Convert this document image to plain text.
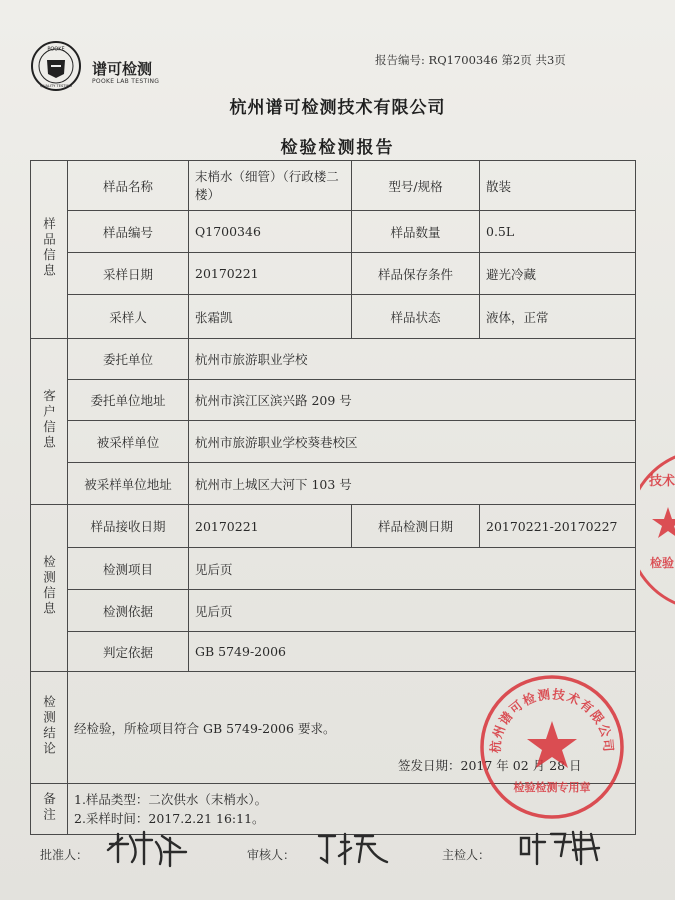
POOKE
QUALITY TESTING
谱可检测
POOKE LAB TESTING
报告编号: RQ1700346 第2页 共3页
杭州谱可检测技术有限公司
检验检测报告
样品信息	样品名称	末梢水（细管）（行政楼二楼）	型号/规格	散装
	样品编号	Q1700346	样品数量	0.5L
	采样日期	20170221	样品保存条件	避光冷藏
	采样人	张霜凯	样品状态	液体，正常
客户信息	委托单位	杭州市旅游职业学校		
	委托单位地址	杭州市滨江区滨兴路 209 号		
	被采样单位	杭州市旅游职业学校葵巷校区		
	被采样单位地址	杭州市上城区大河下 103 号		
检测信息	样品接收日期	20170221	样品检测日期	20170221-20170227
	检测项目	见后页		
	检测依据	见后页		
	判定依据	GB 5749-2006		
检测结论	经检验，所检项目符合 GB 5749-2006 要求。
签发日期：2017 年 02 月 28 日			

备注	1.样品类型：二次供水（末梢水）。
2.采样时间：2017.2.21 16:11。			
杭州谱可检测技术有限公司
检验检测专用章
技术
检验
批准人：	审核人：	主检人：
